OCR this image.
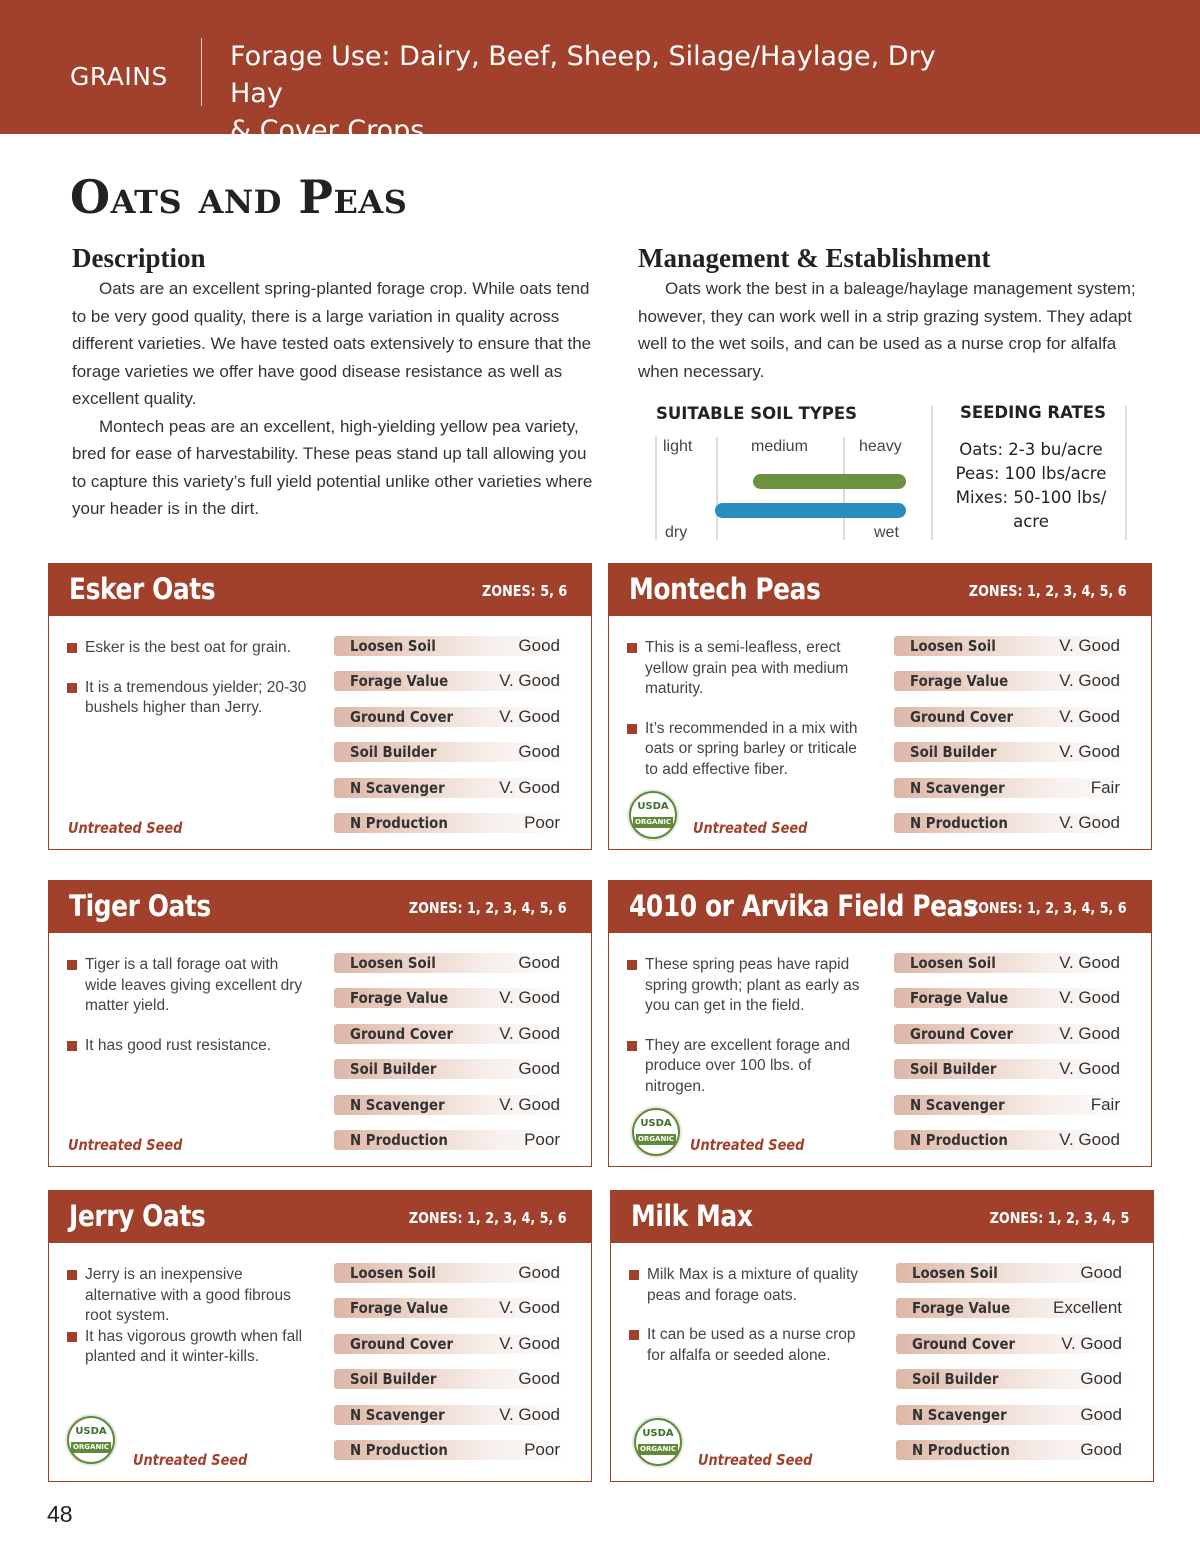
GRAINS
Forage Use: Dairy, Beef, Sheep, Silage/Haylage, Dry Hay
& Cover Crops
Oats and Peas
Description

Oats are an excellent spring-planted forage crop. While oats tend to be very good quality, there is a large variation in quality across different varieties. We have tested oats extensively to ensure that the forage varieties we offer have good disease resistance as well as excellent quality.

Montech peas are an excellent, high-yielding yellow pea variety, bred for ease of harvestability. These peas stand up tall allowing you to capture this variety’s full yield potential unlike other varieties where your header is in the dirt.

Management & Establishment

Oats work the best in a baleage/haylage management system; however, they can work well in a strip grazing system. They adapt well to the wet soils, and can be used as a nurse crop for alfalfa when necessary.

SUITABLE SOIL TYPES
light	medium	heavy
dry	wet
SEEDING RATES
Oats: 2-3 bu/acre
Peas: 100 lbs/acre
Mixes: 50-100 lbs/
acre
Esker Oats	ZONES: 5, 6
Esker is the best oat for grain.
It is a tremendous yielder; 20-30 bushels higher than Jerry.
Untreated Seed
Loosen Soil	Good
Forage Value	V. Good
Ground Cover	V. Good
Soil Builder	Good
N Scavenger	V. Good
N Production	Poor
Montech Peas	ZONES: 1, 2, 3, 4, 5, 6
This is a semi-leafless, erect yellow grain pea with medium maturity.
It’s recommended in a mix with oats or spring barley or triticale to add effective fiber.
USDA
ORGANIC Untreated Seed
Loosen Soil	V. Good
Forage Value	V. Good
Ground Cover	V. Good
Soil Builder	V. Good
N Scavenger	Fair
N Production	V. Good
Tiger Oats	ZONES: 1, 2, 3, 4, 5, 6
Tiger is a tall forage oat with wide leaves giving excellent dry matter yield.
It has good rust resistance.
Untreated Seed
Loosen Soil	Good
Forage Value	V. Good
Ground Cover	V. Good
Soil Builder	Good
N Scavenger	V. Good
N Production	Poor
4010 or Arvika Field Peas
ZONES: 1, 2, 3, 4, 5, 6
These spring peas have rapid spring growth; plant as early as you can get in the field.
They are excellent forage and produce over 100 lbs. of nitrogen.
USDA
ORGANIC Untreated Seed
Loosen Soil	V. Good
Forage Value	V. Good
Ground Cover	V. Good
Soil Builder	V. Good
N Scavenger	Fair
N Production	V. Good
Jerry Oats	ZONES: 1, 2, 3, 4, 5, 6
Jerry is an inexpensive alternative with a good fibrous root system.
It has vigorous growth when fall planted and it winter-kills.
USDA
ORGANIC
Untreated Seed
Loosen Soil	Good
Forage Value	V. Good
Ground Cover	V. Good
Soil Builder	Good
N Scavenger	V. Good
N Production	Poor
Milk Max	ZONES: 1, 2, 3, 4, 5
Milk Max is a mixture of quality peas and forage oats.
It can be used as a nurse crop for alfalfa or seeded alone.
USDA
ORGANIC
Untreated Seed
Loosen Soil	Good
Forage Value	Excellent
Ground Cover	V. Good
Soil Builder	Good
N Scavenger	Good
N Production	Good
48
